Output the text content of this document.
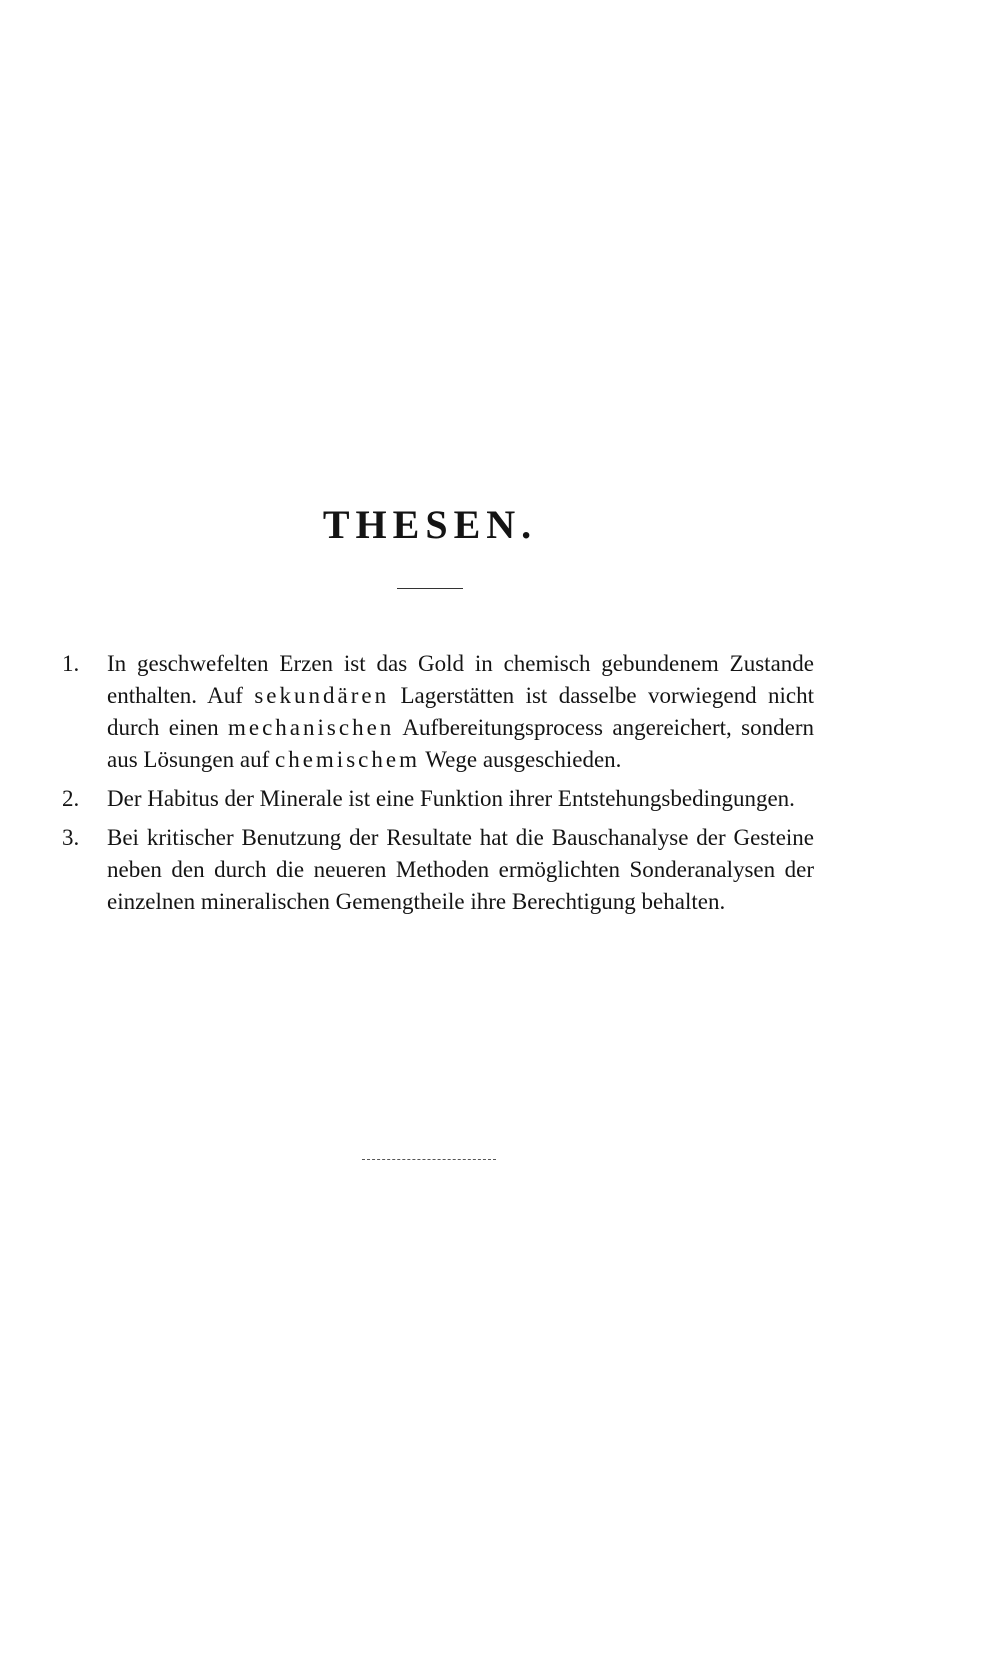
THESEN.
1.	In geschwefelten Erzen ist das Gold in chemisch gebundenem Zustande enthalten. Auf sekundären Lagerstätten ist dasselbe vorwiegend nicht durch einen mechanischen Aufbereitungsprocess angereichert, sondern aus Lösungen auf chemischem Wege ausgeschieden.
2.	Der Habitus der Minerale ist eine Funktion ihrer Entstehungsbedingungen.
3.	Bei kritischer Benutzung der Resultate hat die Bauschanalyse der Gesteine neben den durch die neueren Methoden ermöglichten Sonderanalysen der einzelnen mineralischen Gemengtheile ihre Berechtigung behalten.
